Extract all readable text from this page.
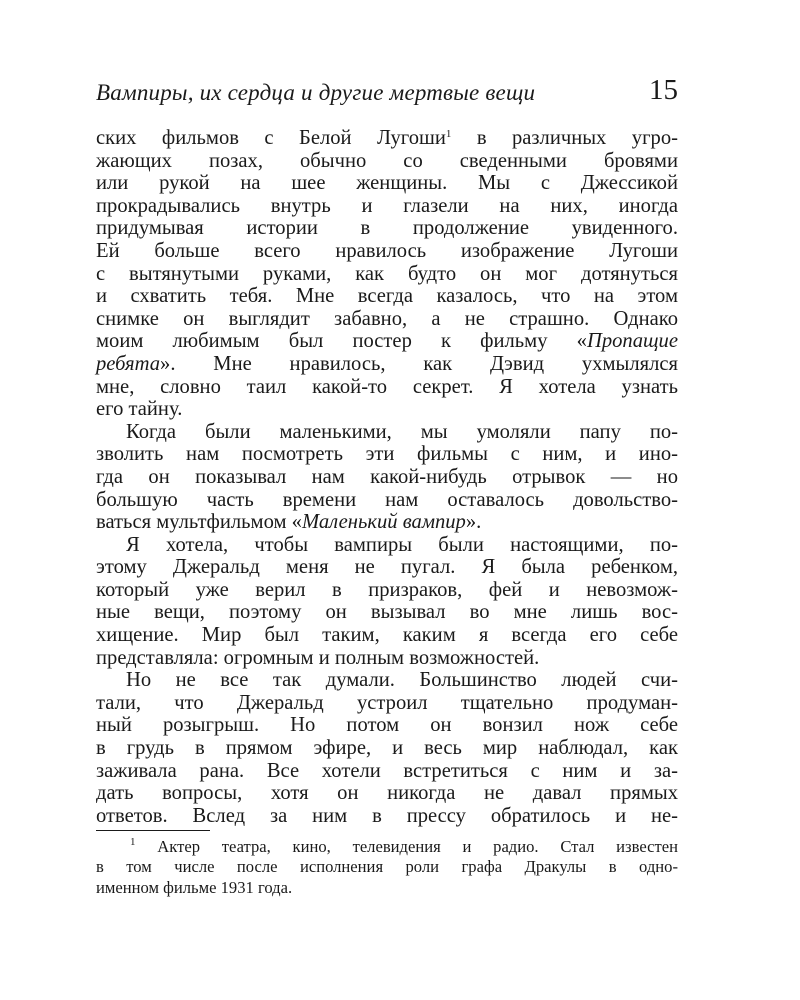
Вампиры, их сердца и другие мертвые вещи	15
ских фильмов с Белой Лугоши$^1$ в различных угро-
жающих позах, обычно со сведенными бровями
или рукой на шее женщины. Мы с Джессикой
прокрадывались внутрь и глазели на них, иногда
придумывая истории в продолжение увиденного.
Ей больше всего нравилось изображение Лугоши
с вытянутыми руками, как будто он мог дотянуться
и схватить тебя. Мне всегда казалось, что на этом
снимке он выглядит забавно, а не страшно. Однако
моим любимым был постер к фильму «Пропащие
ребята». Мне нравилось, как Дэвид ухмылялся
мне, словно таил какой-то секрет. Я хотела узнать
его тайну.
Когда были маленькими, мы умоляли папу по-
зволить нам посмотреть эти фильмы с ним, и ино-
гда он показывал нам какой-нибудь отрывок — но
большую часть времени нам оставалось довольство-
ваться мультфильмом «Маленький вампир».
Я хотела, чтобы вампиры были настоящими, по-
этому Джеральд меня не пугал. Я была ребенком,
который уже верил в призраков, фей и невозмож-
ные вещи, поэтому он вызывал во мне лишь вос-
хищение. Мир был таким, каким я всегда его себе
представляла: огромным и полным возможностей.
Но не все так думали. Большинство людей счи-
тали, что Джеральд устроил тщательно продуман-
ный розыгрыш. Но потом он вонзил нож себе
в грудь в прямом эфире, и весь мир наблюдал, как
заживала рана. Все хотели встретиться с ним и за-
дать вопросы, хотя он никогда не давал прямых
ответов. Вслед за ним в прессу обратилось и не-
$^1$ Актер театра, кино, телевидения и радио. Стал известен
в том числе после исполнения роли графа Дракулы в одно-
именном фильме 1931 года.
